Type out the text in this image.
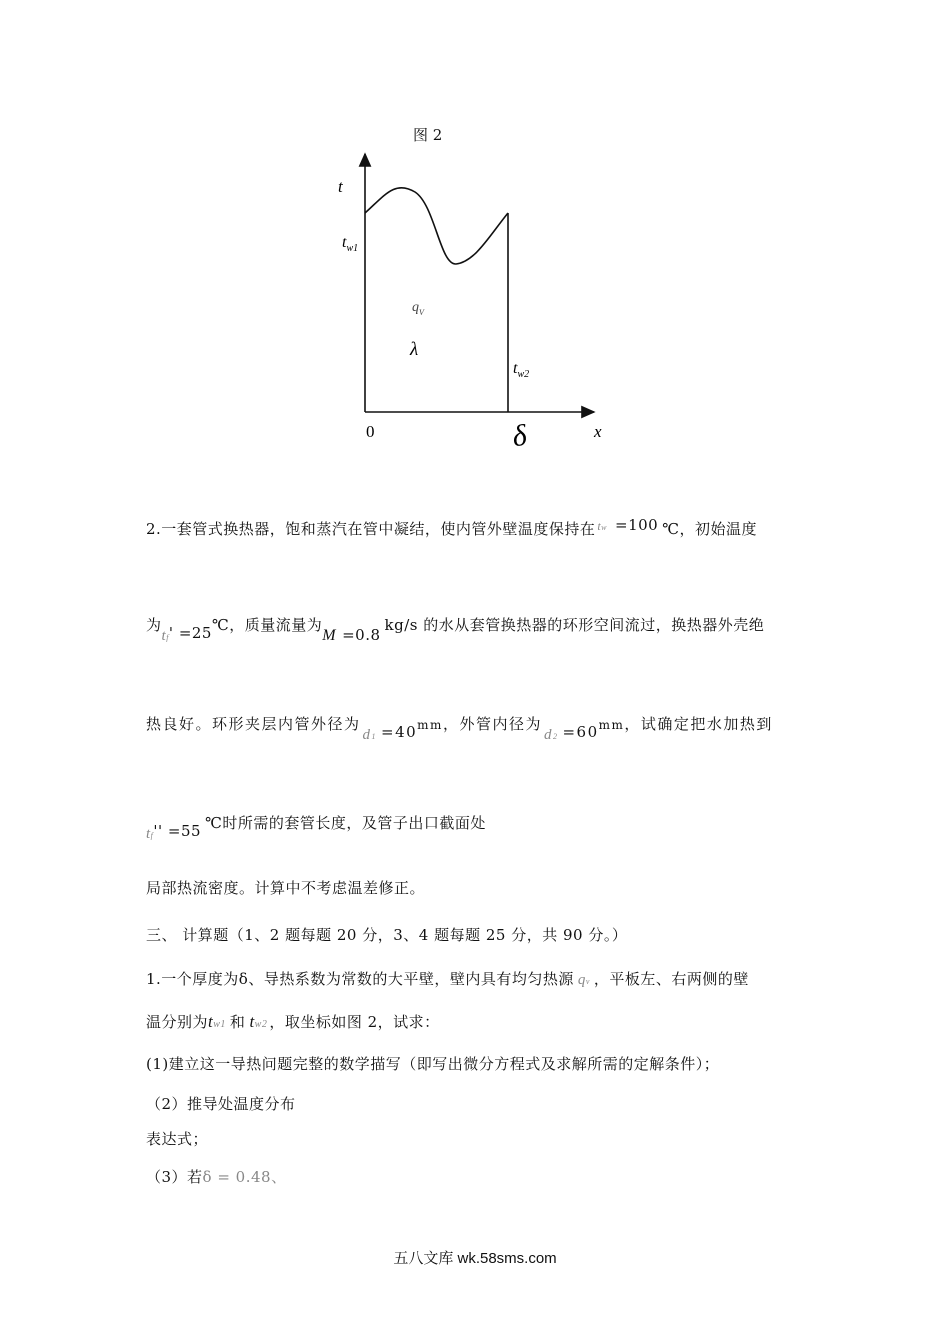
图 2
t
$t_{w1}$
$q_V$
λ
$t_{w2}$
0	δ	x
2.一套管式换热器，饱和蒸汽在管中凝结，使内管外壁温度保持在 $^{tw}$ =100 ℃，初始温度
为tf' =25℃，质量流量为M =0.8kg/s 的水从套管换热器的环形空间流过，换热器外壳绝
热良好。环形夹层内管外径为d1 =40mm，外管内径为d2 =60mm，试确定把水加热到
tf'' =55 ℃时所需的套管长度，及管子出口截面处
局部热流密度。计算中不考虑温差修正。
三、 计算题（1、2 题每题 20 分，3、4 题每题 25 分，共 90 分。）
1.一个厚度为δ、导热系数为常数的大平壁，壁内具有均匀热源 qv ，平板左、右两侧的壁
温分别为tw1 和 tw2 ，取坐标如图 2，试求：
(1)建立这一导热问题完整的数学描写（即写出微分方程式及求解所需的定解条件）；
（2）推导处温度分布
表达式；
（3）若δ = 0.48、
五八文库 wk.58sms.com
